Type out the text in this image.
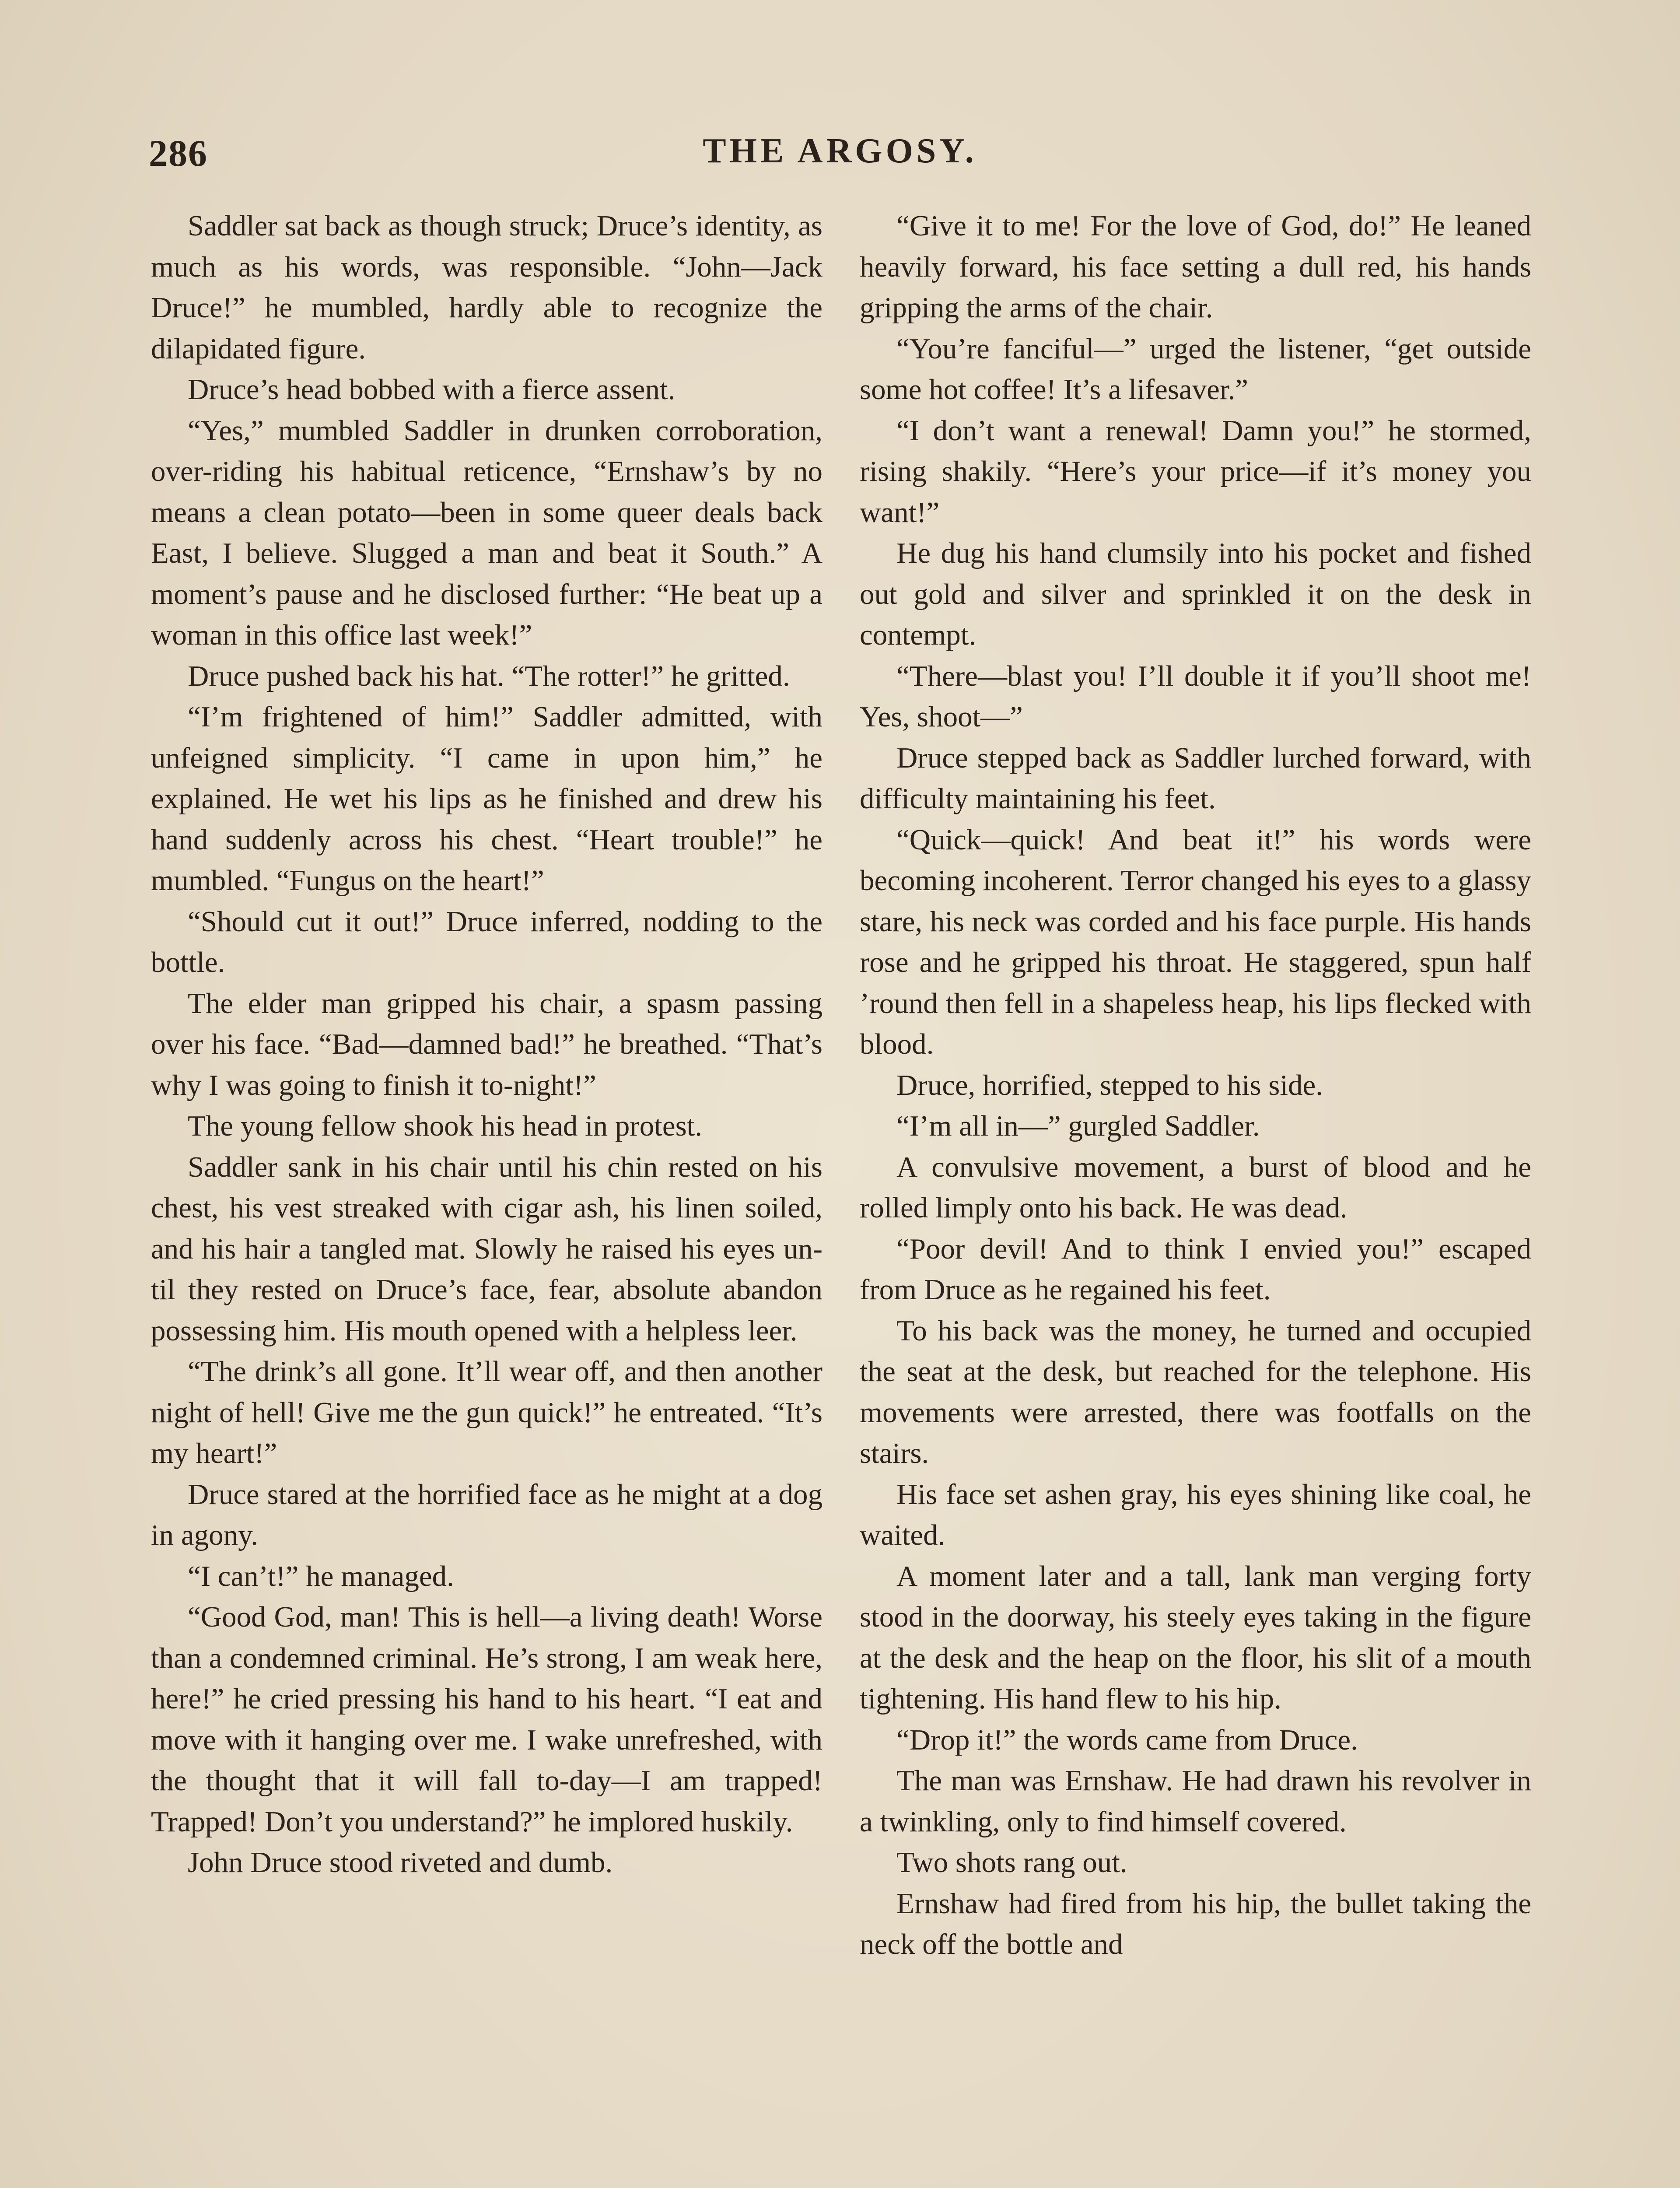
286	THE ARGOSY.

Saddler sat back as though struck; Druce’s identity, as much as his words, was responsible. “John—Jack Druce!” he mumbled, hardly able to recognize the dilapidated figure.

Druce’s head bobbed with a fierce assent.

“Yes,” mumbled Saddler in drunken corroboration, over-riding his habitual reticence, “Ernshaw’s by no means a clean potato—been in some queer deals back East, I believe. Slugged a man and beat it South.” A moment’s pause and he disclosed further: “He beat up a woman in this office last week!”

Druce pushed back his hat. “The rotter!” he gritted.

“I’m frightened of him!” Saddler admitted, with unfeigned simplicity. “I came in upon him,” he explained. He wet his lips as he finished and drew his hand suddenly across his chest. “Heart trouble!” he mumbled. “Fungus on the heart!”

“Should cut it out!” Druce inferred, nodding to the bottle.

The elder man gripped his chair, a spasm passing over his face. “Bad—damned bad!” he breathed. “That’s why I was going to finish it to-night!”

The young fellow shook his head in protest.

Saddler sank in his chair until his chin rested on his chest, his vest streaked with cigar ash, his linen soiled, and his hair a tangled mat. Slowly he raised his eyes until they rested on Druce’s face, fear, absolute abandon possessing him. His mouth opened with a helpless leer.

“The drink’s all gone. It’ll wear off, and then another night of hell! Give me the gun quick!” he entreated. “It’s my heart!”

Druce stared at the horrified face as he might at a dog in agony.

“I can’t!” he managed.

“Good God, man! This is hell—a living death! Worse than a condemned criminal. He’s strong, I am weak here, here!” he cried pressing his hand to his heart. “I eat and move with it hanging over me. I wake unrefreshed, with the thought that it will fall to-day—I am trapped! Trapped! Don’t you understand?” he implored huskily.

John Druce stood riveted and dumb.

“Give it to me! For the love of God, do!” He leaned heavily forward, his face setting a dull red, his hands gripping the arms of the chair.

“You’re fanciful—” urged the listener, “get outside some hot coffee! It’s a lifesaver.”

“I don’t want a renewal! Damn you!” he stormed, rising shakily. “Here’s your price—if it’s money you want!”

He dug his hand clumsily into his pocket and fished out gold and silver and sprinkled it on the desk in contempt.

“There—blast you! I’ll double it if you’ll shoot me! Yes, shoot—”

Druce stepped back as Saddler lurched forward, with difficulty maintaining his feet.

“Quick—quick! And beat it!” his words were becoming incoherent. Terror changed his eyes to a glassy stare, his neck was corded and his face purple. His hands rose and he gripped his throat. He staggered, spun half ’round then fell in a shapeless heap, his lips flecked with blood.

Druce, horrified, stepped to his side.

“I’m all in—” gurgled Saddler.

A convulsive movement, a burst of blood and he rolled limply onto his back. He was dead.

“Poor devil! And to think I envied you!” escaped from Druce as he regained his feet.

To his back was the money, he turned and occupied the seat at the desk, but reached for the telephone. His movements were arrested, there was footfalls on the stairs.

His face set ashen gray, his eyes shining like coal, he waited.

A moment later and a tall, lank man verging forty stood in the doorway, his steely eyes taking in the figure at the desk and the heap on the floor, his slit of a mouth tightening. His hand flew to his hip.

“Drop it!” the words came from Druce.

The man was Ernshaw. He had drawn his revolver in a twinkling, only to find himself covered.

Two shots rang out.

Ernshaw had fired from his hip, the bullet taking the neck off the bottle and
